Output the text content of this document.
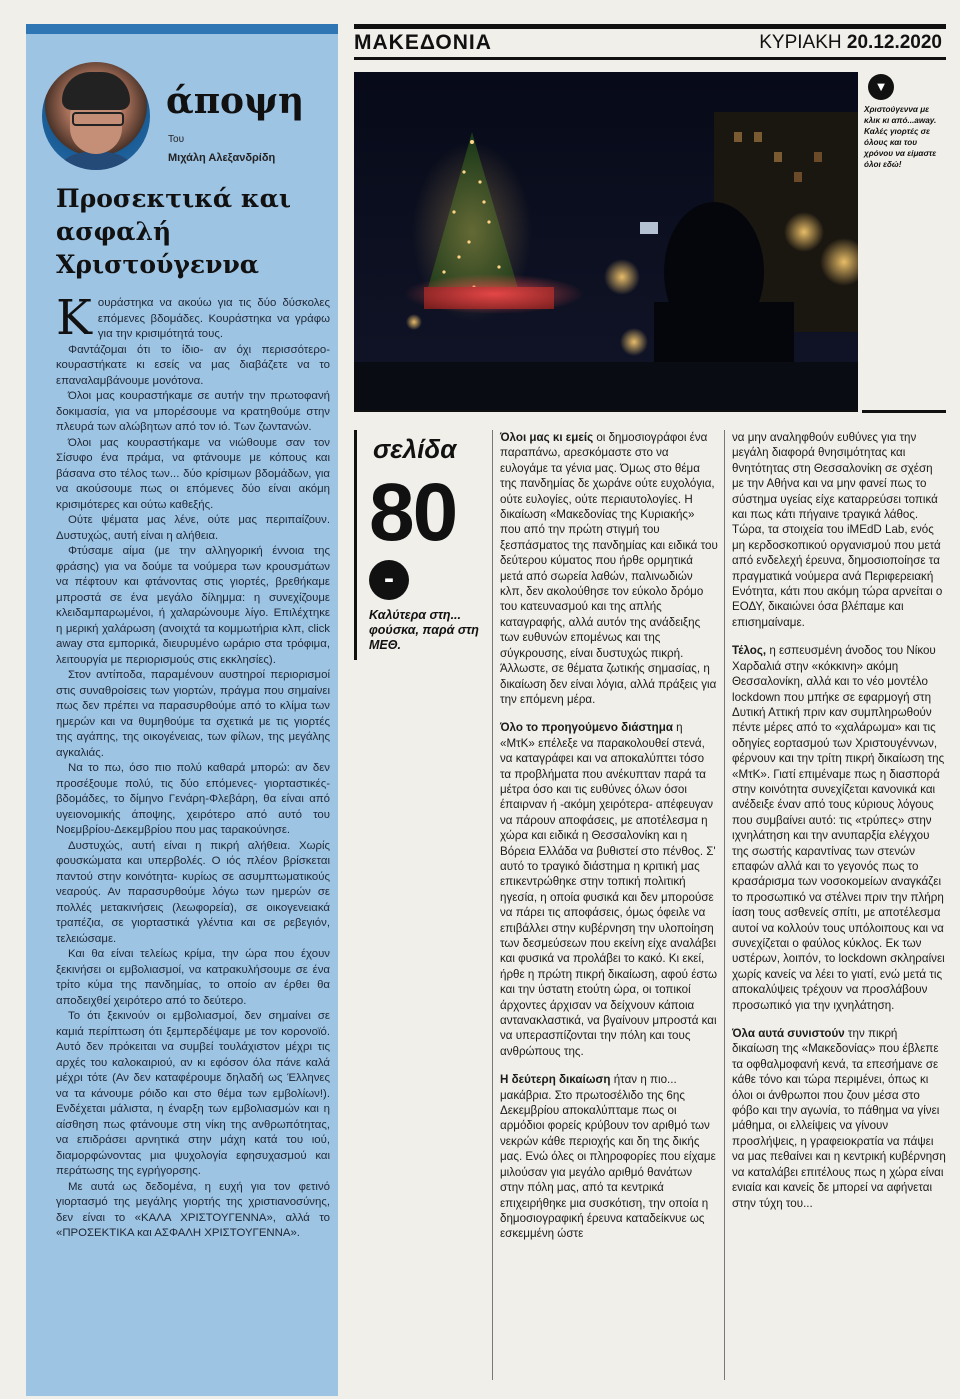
άποψη
Του
Μιχάλη Αλεξανδρίδη
Προσεκτικά και ασφαλή Χριστούγεννα
Κ ουράστηκα να ακούω για τις δύο δύσκολες επόμενες βδομάδες. Κουράστηκα να γράφω για την κρισιμότητά τους.

Φαντάζομαι ότι το ίδιο- αν όχι περισσότερο- κουραστήκατε κι εσείς να μας διαβάζετε να το επαναλαμβάνουμε μονότονα.

Όλοι μας κουραστήκαμε σε αυτήν την πρωτοφανή δοκιμασία, για να μπορέσουμε να κρατηθούμε στην πλευρά των αλώβητων από τον ιό. Των ζωντανών.

Όλοι μας κουραστήκαμε να νιώθουμε σαν τον Σίσυφο ένα πράμα, να φτάνουμε με κόπους και βάσανα στο τέλος των... δύο κρίσιμων βδομάδων, για να ακούσουμε πως οι επόμενες δύο είναι ακόμη κρισιμότερες και ούτω καθεξής.

Ούτε ψέματα μας λένε, ούτε μας περιπαίζουν. Δυστυχώς, αυτή είναι η αλήθεια.

Φτύσαμε αίμα (με την αλληγορική έννοια της φράσης) για να δούμε τα νούμερα των κρουσμάτων να πέφτουν και φτάνοντας στις γιορτές, βρεθήκαμε μπροστά σε ένα μεγάλο δίλημμα: η συνεχίζουμε κλειδαμπαρωμένοι, ή χαλαρώνουμε λίγο. Επιλέχτηκε η μερική χαλάρωση (ανοιχτά τα κομμωτήρια κλπ, click away στα εμπορικά, διευρυμένο ωράριο στα τρόφιμα, λειτουργία με περιορισμούς στις εκκλησίες).

Στον αντίποδα, παραμένουν αυστηροί περιορισμοί στις συναθροίσεις των γιορτών, πράγμα που σημαίνει πως δεν πρέπει να παρασυρθούμε από το κλίμα των ημερών και να θυμηθούμε τα σχετικά με τις γιορτές της αγάπης, της οικογένειας, των φίλων, της μεγάλης αγκαλιάς.

Να το πω, όσο πιο πολύ καθαρά μπορώ: αν δεν προσέξουμε πολύ, τις δύο επόμενες- γιορταστικές- βδομάδες, το δίμηνο Γενάρη-Φλεβάρη, θα είναι από υγειονομικής άποψης, χειρότερο από αυτό του Νοεμβρίου-Δεκεμβρίου που μας ταρακούνησε.

Δυστυχώς, αυτή είναι η πικρή αλήθεια. Χωρίς φουσκώματα και υπερβολές. Ο ιός πλέον βρίσκεται παντού στην κοινότητα- κυρίως σε ασυμπτωματικούς νεαρούς. Αν παρασυρθούμε λόγω των ημερών σε πολλές μετακινήσεις (λεωφορεία), σε οικογενειακά τραπέζια, σε γιορταστικά γλέντια και σε ρεβεγιόν, τελειώσαμε.

Και θα είναι τελείως κρίμα, την ώρα που έχουν ξεκινήσει οι εμβολιασμοί, να κατρακυλήσουμε σε ένα τρίτο κύμα της πανδημίας, το οποίο αν έρθει θα αποδειχθεί χειρότερο από το δεύτερο.

Το ότι ξεκινούν οι εμβολιασμοί, δεν σημαίνει σε καμιά περίπτωση ότι ξεμπερδέψαμε με τον κορονοϊό. Αυτό δεν πρόκειται να συμβεί τουλάχιστον μέχρι τις αρχές του καλοκαιριού, αν κι εφόσον όλα πάνε καλά μέχρι τότε (Αν δεν καταφέρουμε δηλαδή ως Έλληνες να τα κάνουμε ρόιδο και στο θέμα των εμβολίων!). Ενδέχεται μάλιστα, η έναρξη των εμβολιασμών και η αίσθηση πως φτάνουμε στη νίκη της ανθρωπότητας, να επιδράσει αρνητικά στην μάχη κατά του ιού, διαμορφώνοντας μια ψυχολογία εφησυχασμού και περάτωσης της εγρήγορσης.

Με αυτά ως δεδομένα, η ευχή για τον φετινό γιορτασμό της μεγάλης γιορτής της χριστιανοσύνης, δεν είναι το «ΚΑΛΑ ΧΡΙΣΤΟΥΓΕΝΝΑ», αλλά το «ΠΡΟΣΕΚΤΙΚΑ και ΑΣΦΑΛΗ ΧΡΙΣΤΟΥΓΕΝΝΑ».

ΜΑΚΕΔΟΝΙΑ	ΚΥΡΙΑΚΗ 20.12.2020
▼
Χριστούγεννα με κλικ κι από...away. Καλές γιορτές σε όλους και του χρόνου να είμαστε όλοι εδώ!
σελίδα
80
-
Καλύτερα στη... φούσκα, παρά στη ΜΕΘ.

Όλοι μας κι εμείς οι δημοσιογράφοι ένα παραπάνω, αρεσκόμαστε στο να ευλογάμε τα γένια μας. Όμως στο θέμα της πανδημίας δε χωράνε ούτε ευχολόγια, ούτε ευλογίες, ούτε περιαυτολογίες. Η δικαίωση «Μακεδονίας της Κυριακής» που από την πρώτη στιγμή του ξεσπάσματος της πανδημίας και ειδικά του δεύτερου κύματος που ήρθε ορμητικά μετά από σωρεία λαθών, παλινωδιών κλπ, δεν ακολούθησε τον εύκολο δρόμο του κατευνασμού και της απλής καταγραφής, αλλά αυτόν της ανάδειξης των ευθυνών επομένως και της σύγκρουσης, είναι δυστυχώς πικρή. Άλλωστε, σε θέματα ζωτικής σημασίας, η δικαίωση δεν είναι λόγια, αλλά πράξεις για την επόμενη μέρα.

Όλο το προηγούμενο διάστημα η «ΜτΚ» επέλεξε να παρακολουθεί στενά, να καταγράφει και να αποκαλύπτει τόσο τα προβλήματα που ανέκυπταν παρά τα μέτρα όσο και τις ευθύνες όλων όσοι έπαιρναν ή -ακόμη χειρότερα- απέφευγαν να πάρουν αποφάσεις, με αποτέλεσμα η χώρα και ειδικά η Θεσσαλονίκη και η Βόρεια Ελλάδα να βυθιστεί στο πένθος. Σ' αυτό το τραγικό διάστημα η κριτική μας επικεντρώθηκε στην τοπική πολιτική ηγεσία, η οποία φυσικά και δεν μπορούσε να πάρει τις αποφάσεις, όμως όφειλε να επιβάλλει στην κυβέρνηση την υλοποίηση των δεσμεύσεων που εκείνη είχε αναλάβει και φυσικά να προλάβει το κακό. Κι εκεί, ήρθε η πρώτη πικρή δικαίωση, αφού έστω και την ύστατη ετούτη ώρα, οι τοπικοί άρχοντες άρχισαν να δείχνουν κάποια αντανακλαστικά, να βγαίνουν μπροστά και να υπερασπίζονται την πόλη και τους ανθρώπους της.

Η δεύτερη δικαίωση ήταν η πιο... μακάβρια. Στο πρωτοσέλιδο της 6ης Δεκεμβρίου αποκαλύπταμε πως οι αρμόδιοι φορείς κρύβουν τον αριθμό των νεκρών κάθε περιοχής και δη της δικής μας. Ενώ όλες οι πληροφορίες που είχαμε μιλούσαν για μεγάλο αριθμό θανάτων στην πόλη μας, από τα κεντρικά επιχειρήθηκε μια συσκότιση, την οποία η δημοσιογραφική έρευνα καταδείκνυε ως εσκεμμένη ώστε

να μην αναληφθούν ευθύνες για την μεγάλη διαφορά θνησιμότητας και θνητότητας στη Θεσσαλονίκη σε σχέση με την Αθήνα και να μην φανεί πως το σύστημα υγείας είχε καταρρεύσει τοπικά και πως κάτι πήγαινε τραγικά λάθος. Τώρα, τα στοιχεία του iMEdD Lab, ενός μη κερδοσκοπικού οργανισμού που μετά από ενδελεχή έρευνα, δημοσιοποίησε τα πραγματικά νούμερα ανά Περιφερειακή Ενότητα, κάτι που ακόμη τώρα αρνείται ο ΕΟΔΥ, δικαιώνει όσα βλέπαμε και επισημαίναμε.

Τέλος, η εσπευσμένη άνοδος του Νίκου Χαρδαλιά στην «κόκκινη» ακόμη Θεσσαλονίκη, αλλά και το νέο μοντέλο lockdown που μπήκε σε εφαρμογή στη Δυτική Αττική πριν καν συμπληρωθούν πέντε μέρες από το «χαλάρωμα» και τις οδηγίες εορτασμού των Χριστουγέννων, φέρνουν και την τρίτη πικρή δικαίωση της «ΜτΚ». Γιατί επιμέναμε πως η διασπορά στην κοινότητα συνεχίζεται κανονικά και ανέδειξε έναν από τους κύριους λόγους που συμβαίνει αυτό: τις «τρύπες» στην ιχνηλάτηση και την ανυπαρξία ελέγχου της σωστής καραντίνας των στενών επαφών αλλά και το γεγονός πως το κρασάρισμα των νοσοκομείων αναγκάζει το προσωπικό να στέλνει πριν την πλήρη ίαση τους ασθενείς σπίτι, με αποτέλεσμα αυτοί να κολλούν τους υπόλοιπους και να συνεχίζεται ο φαύλος κύκλος. Εκ των υστέρων, λοιπόν, το lockdown σκληραίνει χωρίς κανείς να λέει το γιατί, ενώ μετά τις αποκαλύψεις τρέχουν να προσλάβουν προσωπικό για την ιχνηλάτηση.

Όλα αυτά συνιστούν την πικρή δικαίωση της «Μακεδονίας» που έβλεπε τα οφθαλμοφανή κενά, τα επεσήμανε σε κάθε τόνο και τώρα περιμένει, όπως κι όλοι οι άνθρωποι που ζουν μέσα στο φόβο και την αγωνία, το πάθημα να γίνει μάθημα, οι ελλείψεις να γίνουν προσλήψεις, η γραφειοκρατία να πάψει να μας πεθαίνει και η κεντρική κυβέρνηση να καταλάβει επιτέλους πως η χώρα είναι ενιαία και κανείς δε μπορεί να αφήνεται στην τύχη του...
